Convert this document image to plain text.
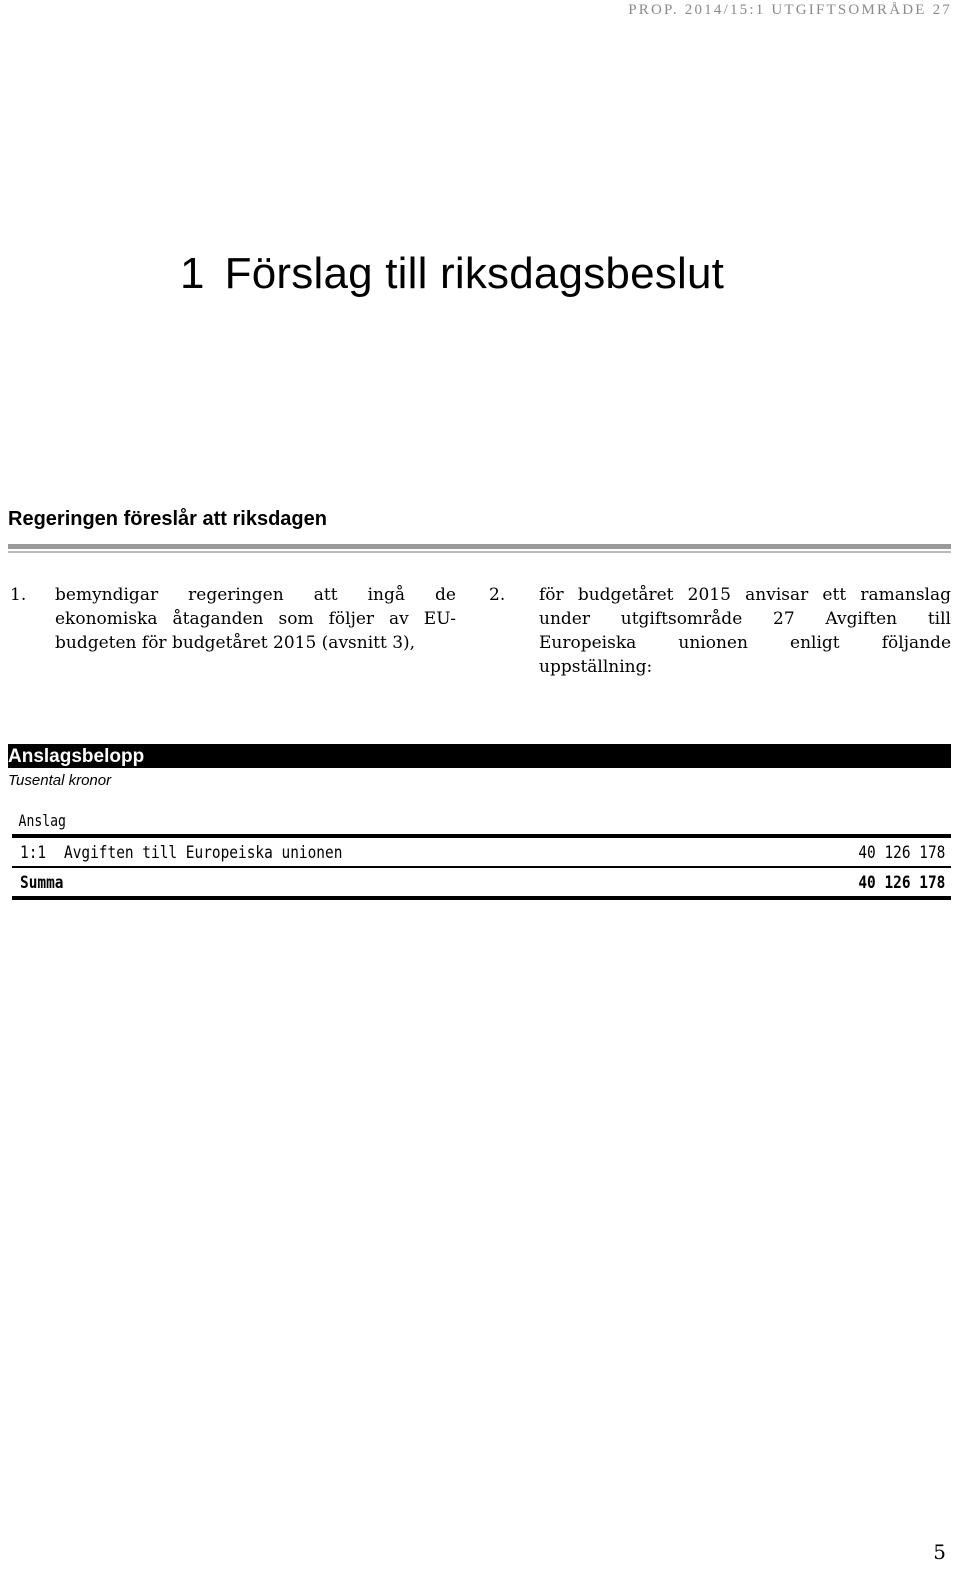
PROP. 2014/15:1 UTGIFTSOMRÅDE 27
1 Förslag till riksdagsbeslut

Regeringen föreslår att riksdagen

1. bemyndigar regeringen att ingå de ekonomiska åtaganden som följer av EU-budgeten för budgetåret 2015 (avsnitt 3),
2. för budgetåret 2015 anvisar ett ramanslag under utgiftsområde 27 Avgiften till Europeiska unionen enligt följande uppställning:
Anslagsbelopp
Tusental kronor
Anslag
1:1 Avgiften till Europeiska unionen	40 126 178
Summa	40 126 178
5
